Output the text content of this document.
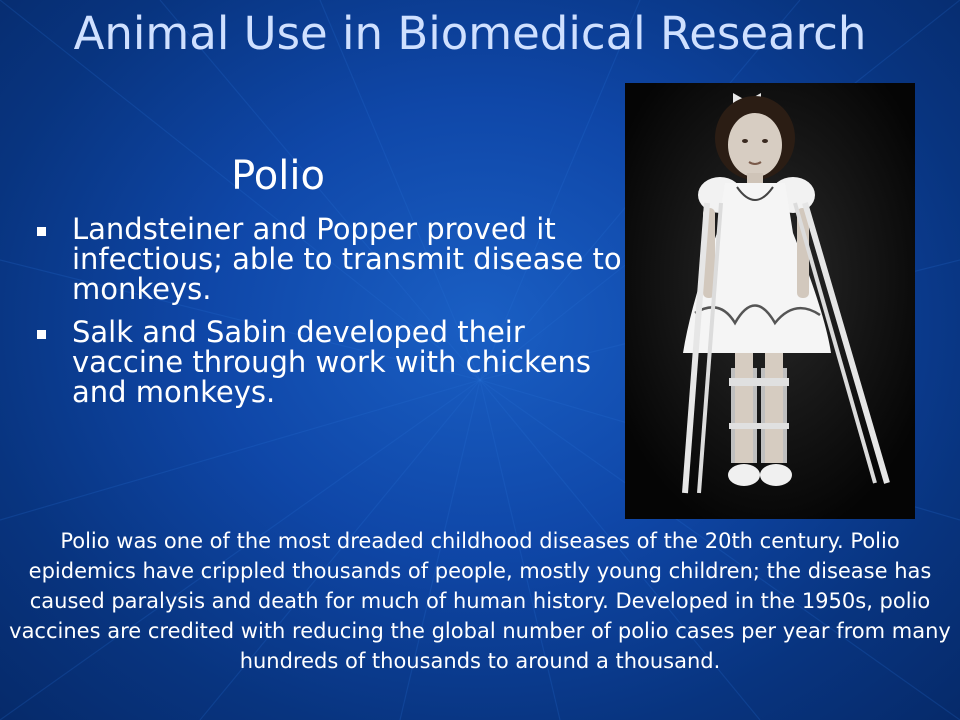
Animal Use in Biomedical Research
Polio
Landsteiner and Popper proved it infectious; able to transmit disease to monkeys.
Salk and Sabin developed their vaccine through work with chickens and monkeys.
Polio was one of the most dreaded childhood diseases of the 20th century. Polio epidemics have crippled thousands of people, mostly young children; the disease has caused paralysis and death for much of human history. Developed in the 1950s, polio vaccines are credited with reducing the global number of polio cases per year from many hundreds of thousands to around a thousand.
